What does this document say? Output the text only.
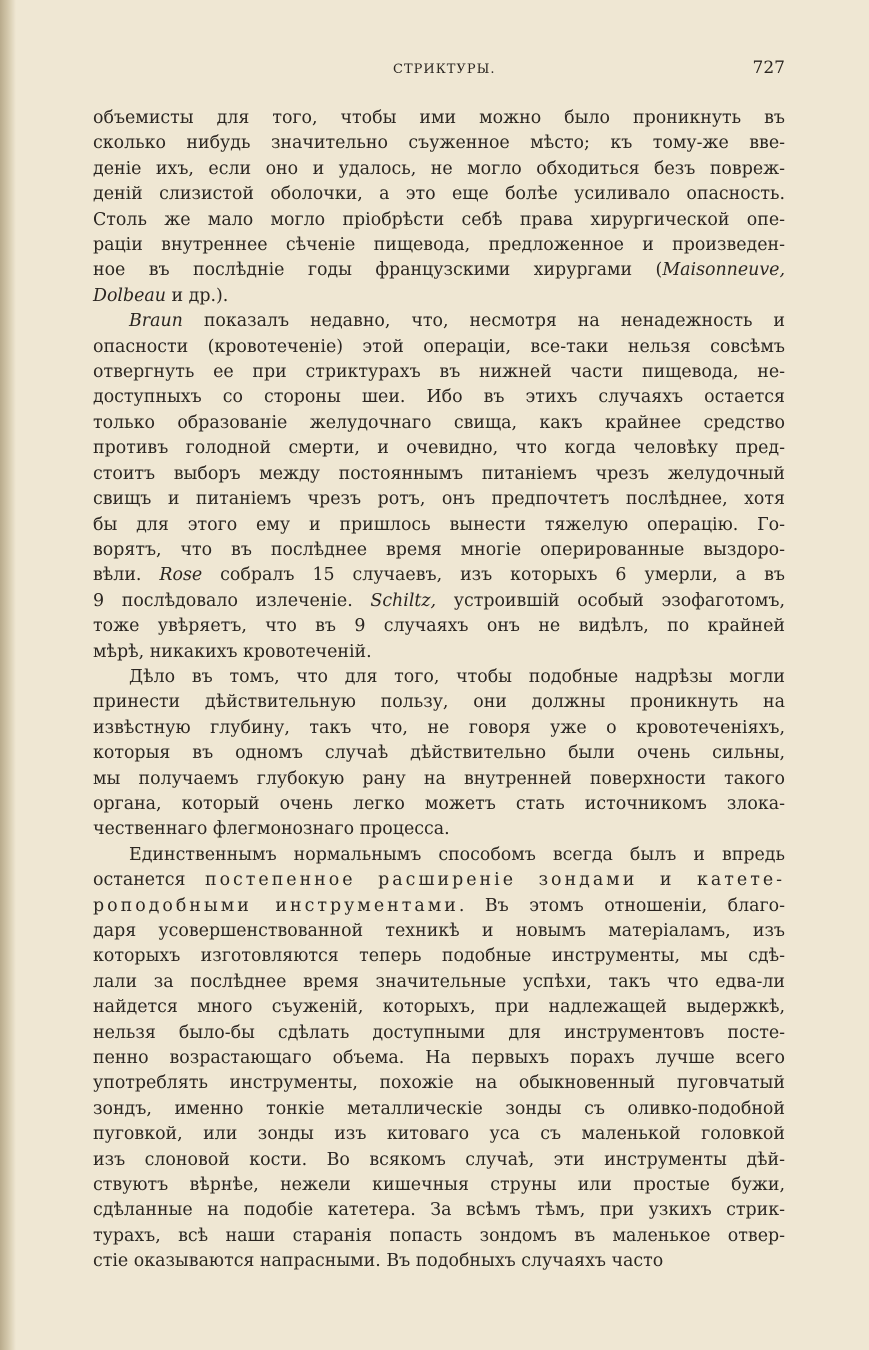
СТРИКТУРЫ.	727
объемисты для того, чтобы ими можно было проникнуть въ
сколько нибудь значительно съуженное мѣсто; къ тому-же вве-
деніе ихъ, если оно и удалось, не могло обходиться безъ повреж-
деній слизистой оболочки, а это еще болѣе усиливало опасность.
Столь же мало могло пріобрѣсти себѣ права хирургической опе-
раціи внутреннее сѣченіе пищевода, предложенное и произведен-
ное въ послѣдніе годы французскими хирургами (Maisonneuve,
Dolbeau и др.).
Braun показалъ недавно, что, несмотря на ненадежность и
опасности (кровотеченіе) этой операціи, все-таки нельзя совсѣмъ
отвергнуть ее при стриктурахъ въ нижней части пищевода, не-
доступныхъ со стороны шеи. Ибо въ этихъ случаяхъ остается
только образованіе желудочнаго свища, какъ крайнее средство
противъ голодной смерти, и очевидно, что когда человѣку пред-
стоитъ выборъ между постояннымъ питаніемъ чрезъ желудочный
свищъ и питаніемъ чрезъ ротъ, онъ предпочтетъ послѣднее, хотя
бы для этого ему и пришлось вынести тяжелую операцію. Го-
ворятъ, что въ послѣднее время многіе оперированные выздоро-
вѣли. Rose собралъ 15 случаевъ, изъ которыхъ 6 умерли, а въ
9 послѣдовало излеченіе. Schiltz, устроившій особый эзофаготомъ,
тоже увѣряетъ, что въ 9 случаяхъ онъ не видѣлъ, по крайней
мѣрѣ, никакихъ кровотеченій.
Дѣло въ томъ, что для того, чтобы подобные надрѣзы могли
принести дѣйствительную пользу, они должны проникнуть на
извѣстную глубину, такъ что, не говоря уже о кровотеченіяхъ,
которыя въ одномъ случаѣ дѣйствительно были очень сильны,
мы получаемъ глубокую рану на внутренней поверхности такого
органа, который очень легко можетъ стать источникомъ злока-
чественнаго флегмонознаго процесса.
Единственнымъ нормальнымъ способомъ всегда былъ и впредь
останется постепенное расширеніе зондами и катете-
роподобными инструментами. Въ этомъ отношеніи, благо-
даря усовершенствованной техникѣ и новымъ матеріаламъ, изъ
которыхъ изготовляются теперь подобные инструменты, мы сдѣ-
лали за послѣднее время значительные успѣхи, такъ что едва-ли
найдется много съуженій, которыхъ, при надлежащей выдержкѣ,
нельзя было-бы сдѣлать доступными для инструментовъ посте-
пенно возрастающаго объема. На первыхъ порахъ лучше всего
употреблять инструменты, похожіе на обыкновенный пуговчатый
зондъ, именно тонкіе металлическіе зонды съ оливко-подобной
пуговкой, или зонды изъ китоваго уса съ маленькой головкой
изъ слоновой кости. Во всякомъ случаѣ, эти инструменты дѣй-
ствуютъ вѣрнѣе, нежели кишечныя струны или простые бужи,
сдѣланные на подобіе катетера. За всѣмъ тѣмъ, при узкихъ стрик-
турахъ, всѣ наши старанія попасть зондомъ въ маленькое отвер-
стіе оказываются напрасными. Въ подобныхъ случаяхъ часто
